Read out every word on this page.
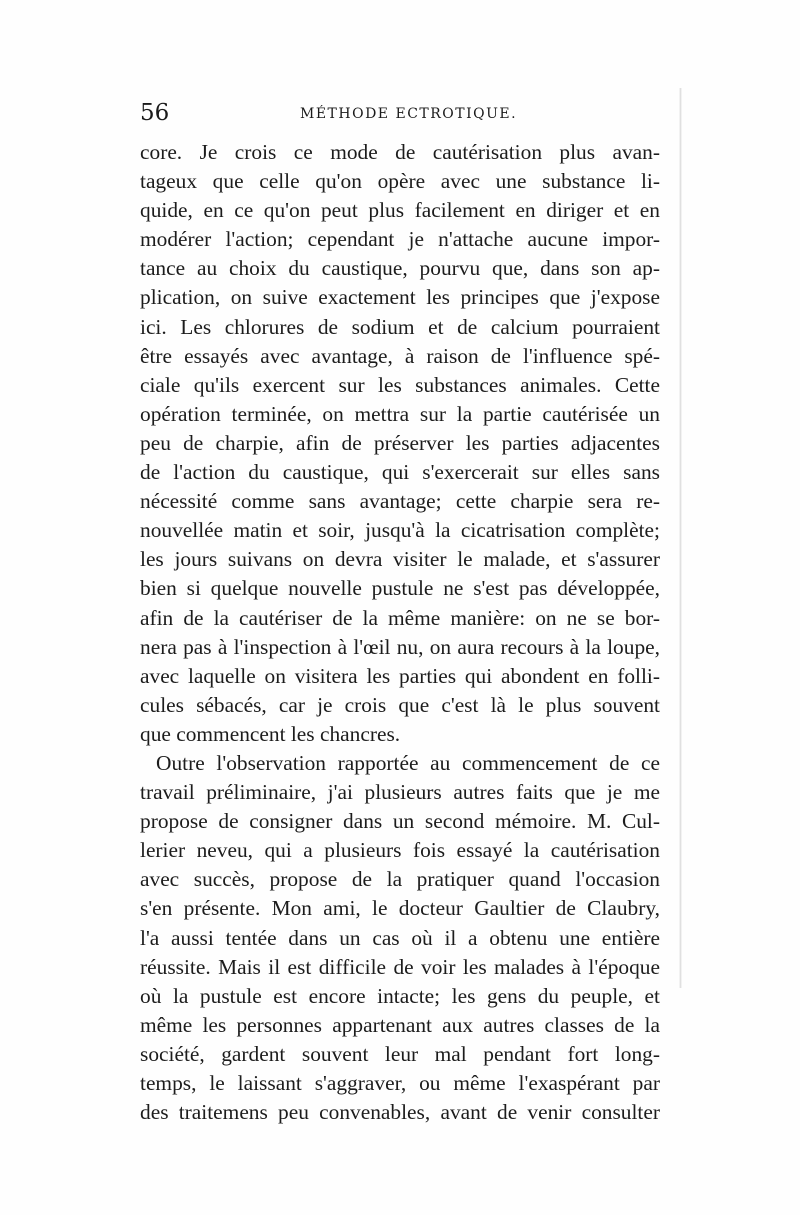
56	MÉTHODE ECTROTIQUE.
core. Je crois ce mode de cautérisation plus avan-
tageux que celle qu'on opère avec une substance li-
quide, en ce qu'on peut plus facilement en diriger et en
modérer l'action; cependant je n'attache aucune impor-
tance au choix du caustique, pourvu que, dans son ap-
plication, on suive exactement les principes que j'expose
ici. Les chlorures de sodium et de calcium pourraient
être essayés avec avantage, à raison de l'influence spé-
ciale qu'ils exercent sur les substances animales. Cette
opération terminée, on mettra sur la partie cautérisée un
peu de charpie, afin de préserver les parties adjacentes
de l'action du caustique, qui s'exercerait sur elles sans
nécessité comme sans avantage; cette charpie sera re-
nouvellée matin et soir, jusqu'à la cicatrisation complète;
les jours suivans on devra visiter le malade, et s'assurer
bien si quelque nouvelle pustule ne s'est pas développée,
afin de la cautériser de la même manière: on ne se bor-
nera pas à l'inspection à l'œil nu, on aura recours à la loupe,
avec laquelle on visitera les parties qui abondent en folli-
cules sébacés, car je crois que c'est là le plus souvent
que commencent les chancres.
Outre l'observation rapportée au commencement de ce
travail préliminaire, j'ai plusieurs autres faits que je me
propose de consigner dans un second mémoire. M. Cul-
lerier neveu, qui a plusieurs fois essayé la cautérisation
avec succès, propose de la pratiquer quand l'occasion
s'en présente. Mon ami, le docteur Gaultier de Claubry,
l'a aussi tentée dans un cas où il a obtenu une entière
réussite. Mais il est difficile de voir les malades à l'époque
où la pustule est encore intacte; les gens du peuple, et
même les personnes appartenant aux autres classes de la
société, gardent souvent leur mal pendant fort long-
temps, le laissant s'aggraver, ou même l'exaspérant par
des traitemens peu convenables, avant de venir consulter
